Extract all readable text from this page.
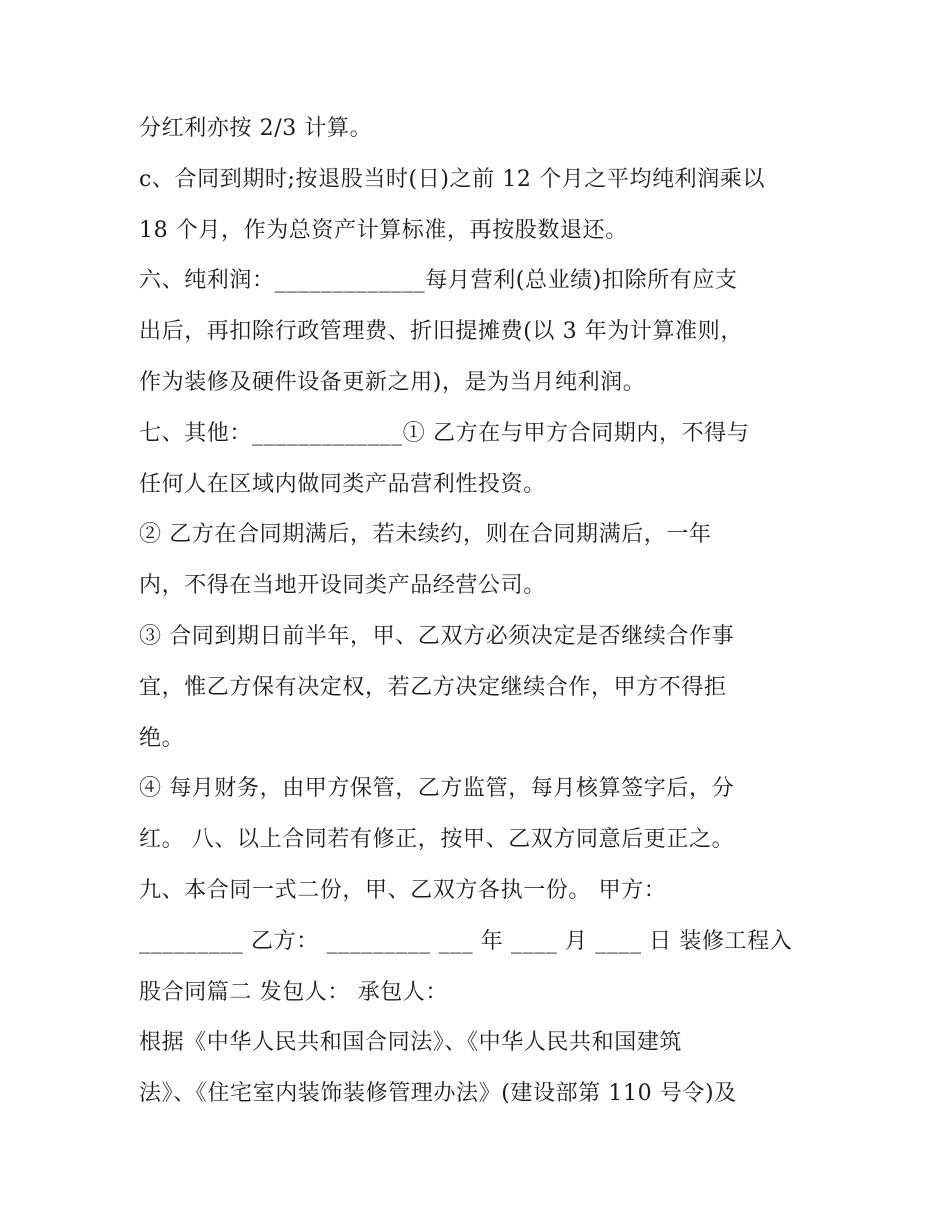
分红利亦按 2/3 计算。
c、合同到期时;按退股当时(日)之前 12 个月之平均纯利润乘以
18 个月，作为总资产计算标准，再按股数退还。
六、纯利润：_____________每月营利(总业绩)扣除所有应支
出后，再扣除行政管理费、折旧提摊费(以 3 年为计算准则，
作为装修及硬件设备更新之用)，是为当月纯利润。
七、其他：_____________① 乙方在与甲方合同期内，不得与
任何人在区域内做同类产品营利性投资。
② 乙方在合同期满后，若未续约，则在合同期满后，一年
内，不得在当地开设同类产品经营公司。
③ 合同到期日前半年，甲、乙双方必须决定是否继续合作事
宜，惟乙方保有决定权，若乙方决定继续合作，甲方不得拒
绝。
④ 每月财务，由甲方保管，乙方监管，每月核算签字后，分
红。 八、以上合同若有修正，按甲、乙双方同意后更正之。
九、本合同一式二份，甲、乙双方各执一份。 甲方：
_________ 乙方： _________ ___ 年 ____ 月 ____ 日 装修工程入
股合同篇二 发包人： 承包人：
根据《中华人民共和国合同法》、《中华人民共和国建筑
法》、《住宅室内装饰装修管理办法》(建设部第 110 号令)及
